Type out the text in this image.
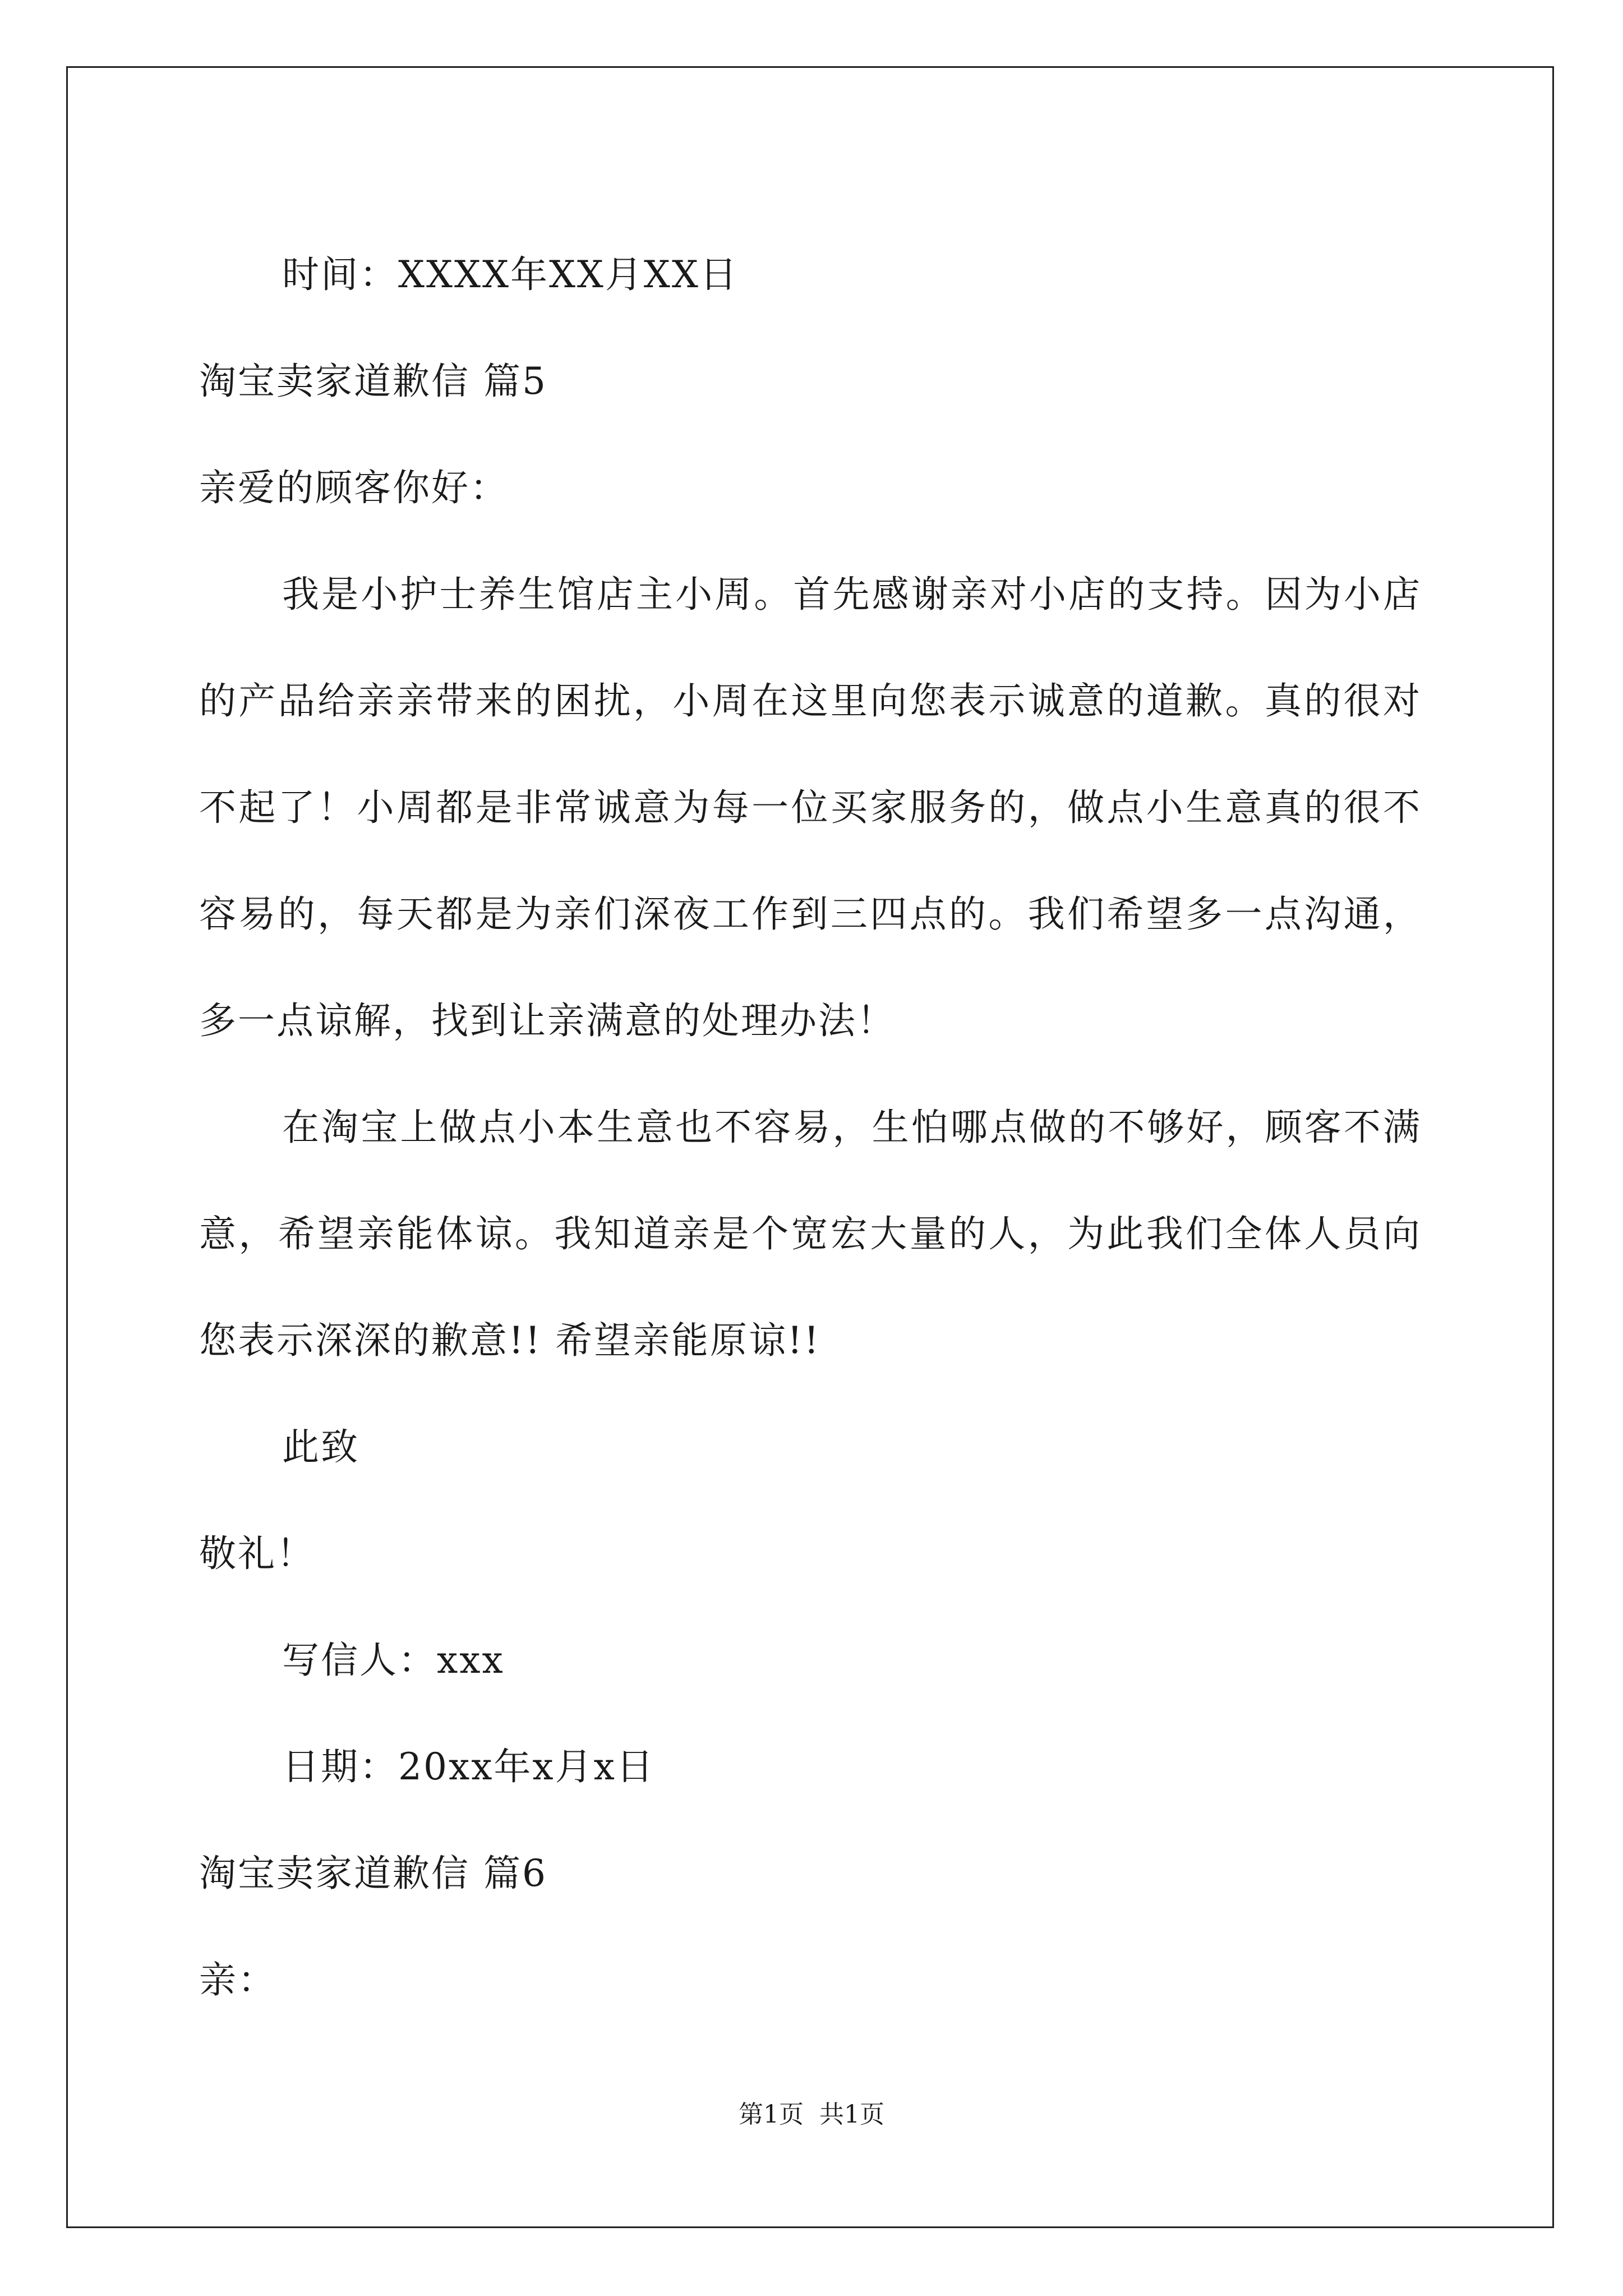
时间：XXXX年XX月XX日
淘宝卖家道歉信 篇5
亲爱的顾客你好：

我是小护士养生馆店主小周。首先感谢亲对小店的支持。因为小店的产品给亲亲带来的困扰，小周在这里向您表示诚意的道歉。真的很对不起了！小周都是非常诚意为每一位买家服务的，做点小生意真的很不容易的，每天都是为亲们深夜工作到三四点的。我们希望多一点沟通，多一点谅解，找到让亲满意的处理办法！

在淘宝上做点小本生意也不容易，生怕哪点做的不够好，顾客不满意，希望亲能体谅。我知道亲是个宽宏大量的人，为此我们全体人员向您表示深深的歉意!! 希望亲能原谅!!

此致
敬礼！
写信人：xxx
日期：20xx年x月x日
淘宝卖家道歉信 篇6
亲：
第1页  共1页
